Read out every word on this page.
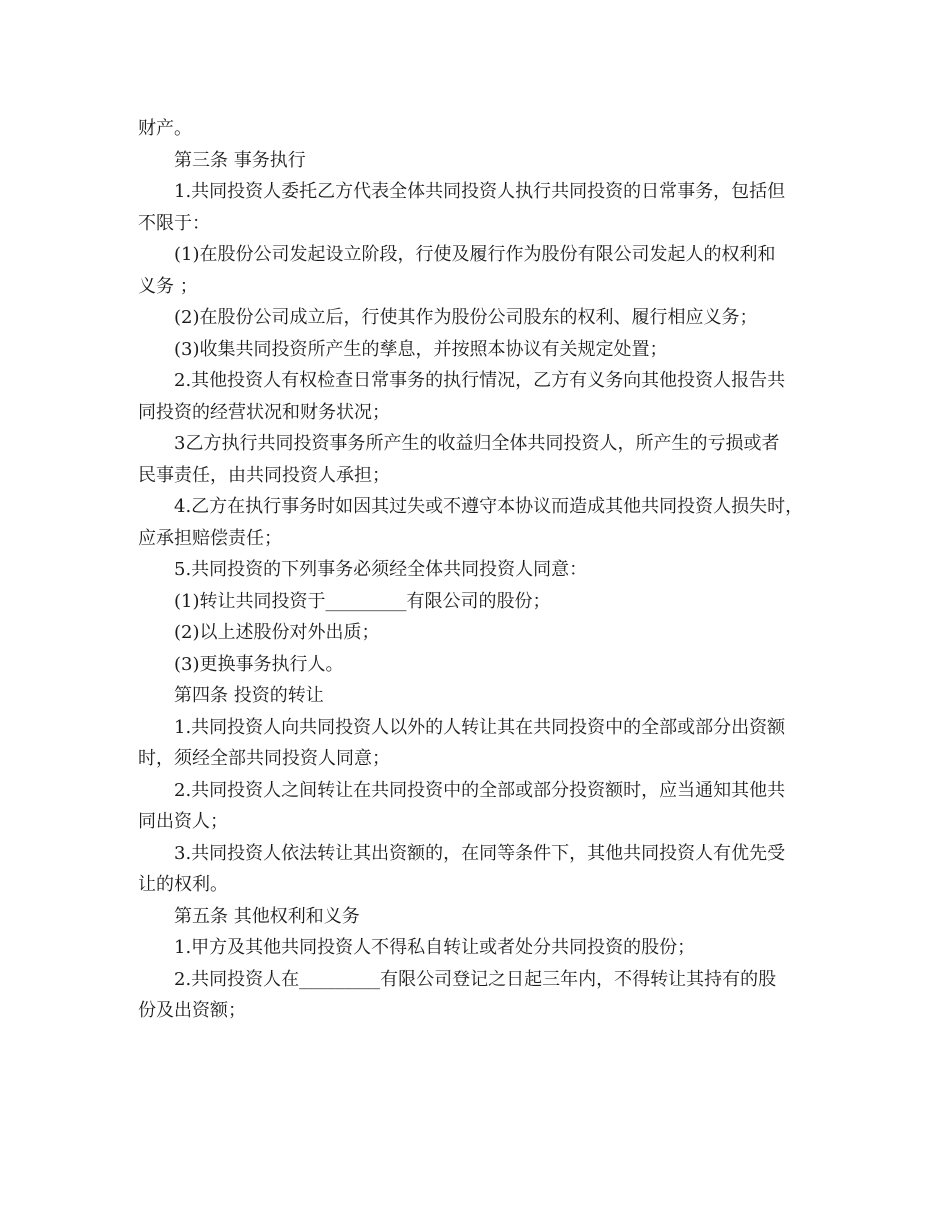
财产。
第三条 事务执行
1.共同投资人委托乙方代表全体共同投资人执行共同投资的日常事务，包括但
不限于：
(1)在股份公司发起设立阶段，行使及履行作为股份有限公司发起人的权利和
义务 ；
(2)在股份公司成立后，行使其作为股份公司股东的权利、履行相应义务；
(3)收集共同投资所产生的孳息，并按照本协议有关规定处置；
2.其他投资人有权检查日常事务的执行情况，乙方有义务向其他投资人报告共
同投资的经营状况和财务状况；
3乙方执行共同投资事务所产生的收益归全体共同投资人，所产生的亏损或者
民事责任，由共同投资人承担；
4.乙方在执行事务时如因其过失或不遵守本协议而造成其他共同投资人损失时，
应承担赔偿责任；
5.共同投资的下列事务必须经全体共同投资人同意：
(1)转让共同投资于_________有限公司的股份；
(2)以上述股份对外出质；
(3)更换事务执行人。
第四条 投资的转让
1.共同投资人向共同投资人以外的人转让其在共同投资中的全部或部分出资额
时，须经全部共同投资人同意；
2.共同投资人之间转让在共同投资中的全部或部分投资额时，应当通知其他共
同出资人；
3.共同投资人依法转让其出资额的，在同等条件下，其他共同投资人有优先受
让的权利。
第五条 其他权利和义务
1.甲方及其他共同投资人不得私自转让或者处分共同投资的股份；
2.共同投资人在_________有限公司登记之日起三年内，不得转让其持有的股
份及出资额；
